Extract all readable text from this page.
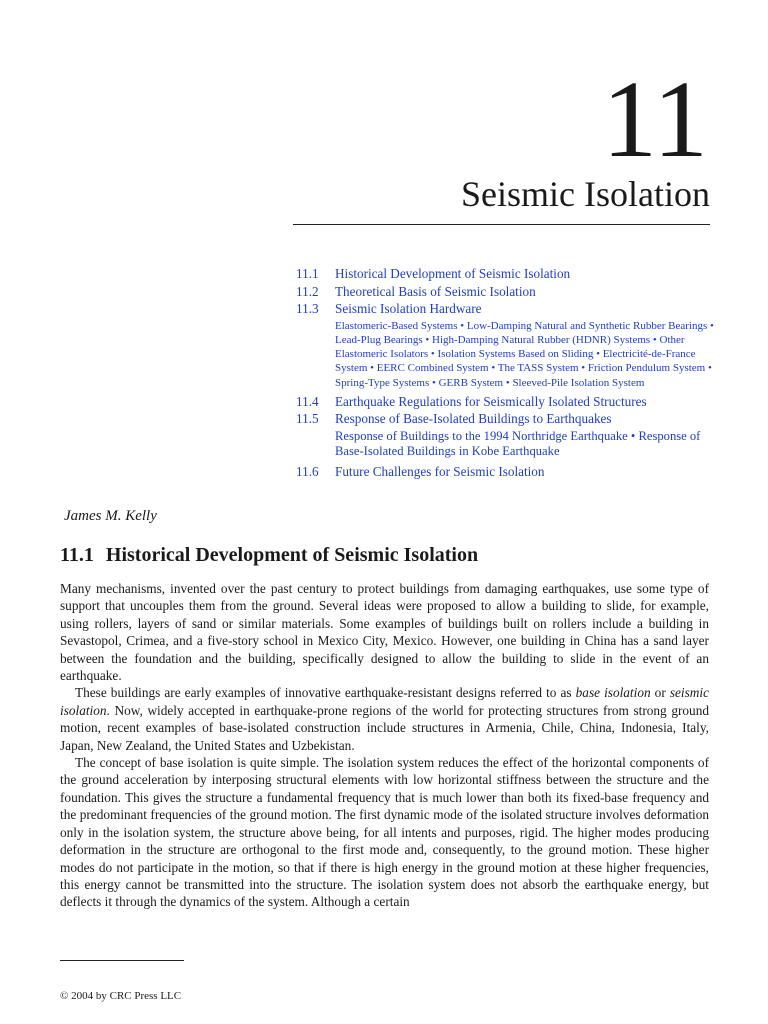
11
Seismic Isolation
11.1	Historical Development of Seismic Isolation
11.2	Theoretical Basis of Seismic Isolation
11.3	Seismic Isolation Hardware
Elastomeric-Based Systems • Low-Damping Natural and Synthetic Rubber Bearings • Lead-Plug Bearings • High-Damping Natural Rubber (HDNR) Systems • Other Elastomeric Isolators • Isolation Systems Based on Sliding • Electricité-de-France System • EERC Combined System • The TASS System • Friction Pendulum System • Spring-Type Systems • GERB System • Sleeved-Pile Isolation System
11.4	Earthquake Regulations for Seismically Isolated Structures
11.5	Response of Base-Isolated Buildings to Earthquakes
Response of Buildings to the 1994 Northridge Earthquake • Response of Base-Isolated Buildings in Kobe Earthquake
11.6	Future Challenges for Seismic Isolation
James M. Kelly
11.1 Historical Development of Seismic Isolation

Many mechanisms, invented over the past century to protect buildings from damaging earthquakes, use some type of support that uncouples them from the ground. Several ideas were proposed to allow a building to slide, for example, using rollers, layers of sand or similar materials. Some examples of buildings built on rollers include a building in Sevastopol, Crimea, and a five-story school in Mexico City, Mexico. However, one building in China has a sand layer between the foundation and the building, specifically designed to allow the building to slide in the event of an earthquake.

These buildings are early examples of innovative earthquake-resistant designs referred to as base isolation or seismic isolation. Now, widely accepted in earthquake-prone regions of the world for protecting structures from strong ground motion, recent examples of base-isolated construction include structures in Armenia, Chile, China, Indonesia, Italy, Japan, New Zealand, the United States and Uzbekistan.

The concept of base isolation is quite simple. The isolation system reduces the effect of the horizontal components of the ground acceleration by interposing structural elements with low horizontal stiffness between the structure and the foundation. This gives the structure a fundamental frequency that is much lower than both its fixed-base frequency and the predominant frequencies of the ground motion. The first dynamic mode of the isolated structure involves deformation only in the isolation system, the structure above being, for all intents and purposes, rigid. The higher modes producing deformation in the structure are orthogonal to the first mode and, consequently, to the ground motion. These higher modes do not participate in the motion, so that if there is high energy in the ground motion at these higher frequencies, this energy cannot be transmitted into the structure. The isolation system does not absorb the earthquake energy, but deflects it through the dynamics of the system. Although a certain

© 2004 by CRC Press LLC
